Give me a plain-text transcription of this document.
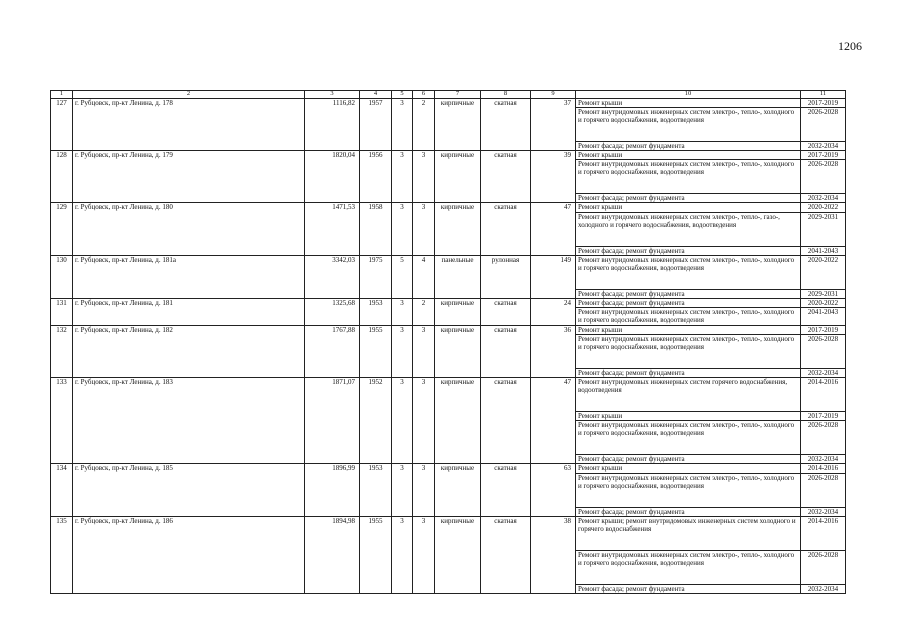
1206
1	2	3	4	5	6	7	8	9	10	11
127	г. Рубцовск, пр-кт Ленина, д. 178	1116,82	1957	3	2	кирпичные	скатная	37	Ремонт крыши	2017-2019
									Ремонт внутридомовых инженерных систем электро-, тепло-, холодного и горячего водоснабжения, водоотведения	2026-2028
									Ремонт фасада; ремонт фундамента	2032-2034
128	г. Рубцовск, пр-кт Ленина, д. 179	1820,04	1956	3	3	кирпичные	скатная	39	Ремонт крыши	2017-2019
									Ремонт внутридомовых инженерных систем электро-, тепло-, холодного и горячего водоснабжения, водоотведения	2026-2028
									Ремонт фасада; ремонт фундамента	2032-2034
129	г. Рубцовск, пр-кт Ленина, д. 180	1471,53	1958	3	3	кирпичные	скатная	47	Ремонт крыши	2020-2022
									Ремонт внутридомовых инженерных систем электро-, тепло-, газо-, холодного и горячего водоснабжения, водоотведения	2029-2031
									Ремонт фасада; ремонт фундамента	2041-2043
130	г. Рубцовск, пр-кт Ленина, д. 181а	3342,03	1975	5	4	панельные	рулонная	149	Ремонт внутридомовых инженерных систем электро-, тепло-, холодного и горячего водоснабжения, водоотведения	2020-2022
									Ремонт фасада; ремонт фундамента	2029-2031
131	г. Рубцовск, пр-кт Ленина, д. 181	1325,68	1953	3	2	кирпичные	скатная	24	Ремонт фасада; ремонт фундамента	2020-2022
									Ремонт внутридомовых инженерных систем электро-, тепло-, холодного и горячего водоснабжения, водоотведения	2041-2043
132	г. Рубцовск, пр-кт Ленина, д. 182	1767,88	1955	3	3	кирпичные	скатная	36	Ремонт крыши	2017-2019
									Ремонт внутридомовых инженерных систем электро-, тепло-, холодного и горячего водоснабжения, водоотведения	2026-2028
									Ремонт фасада; ремонт фундамента	2032-2034
133	г. Рубцовск, пр-кт Ленина, д. 183	1871,07	1952	3	3	кирпичные	скатная	47	Ремонт внутридомовых инженерных систем горячего водоснабжения, водоотведения	2014-2016
									Ремонт крыши	2017-2019
									Ремонт внутридомовых инженерных систем электро-, тепло-, холодного и горячего водоснабжения, водоотведения	2026-2028
									Ремонт фасада; ремонт фундамента	2032-2034
134	г. Рубцовск, пр-кт Ленина, д. 185	1896,99	1953	3	3	кирпичные	скатная	63	Ремонт крыши	2014-2016
									Ремонт внутридомовых инженерных систем электро-, тепло-, холодного и горячего водоснабжения, водоотведения	2026-2028
									Ремонт фасада; ремонт фундамента	2032-2034
135	г. Рубцовск, пр-кт Ленина, д. 186	1894,98	1955	3	3	кирпичные	скатная	38	Ремонт крыши; ремонт внутридомовых инженерных систем холодного и горячего водоснабжения	2014-2016
									Ремонт внутридомовых инженерных систем электро-, тепло-, холодного и горячего водоснабжения, водоотведения	2026-2028
									Ремонт фасада; ремонт фундамента	2032-2034
